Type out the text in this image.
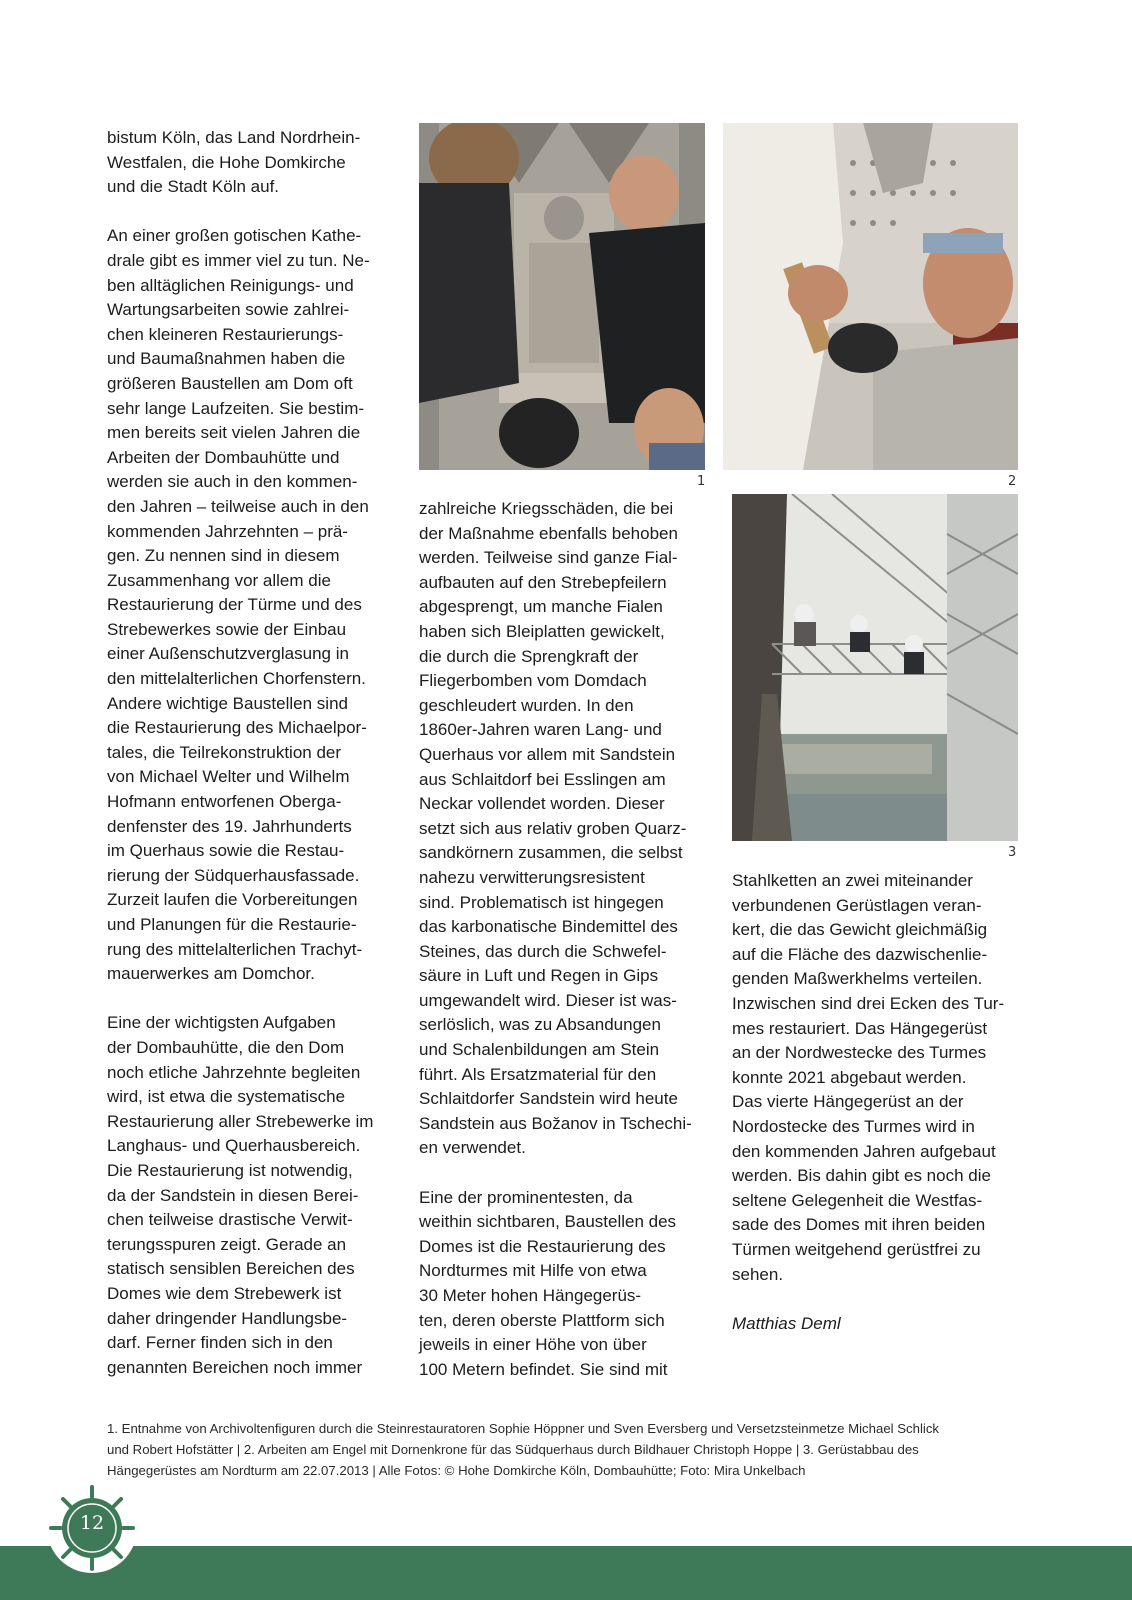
bistum Köln, das Land Nordrhein-
Westfalen, die Hohe Domkirche
und die Stadt Köln auf.

An einer großen gotischen Kathe-
drale gibt es immer viel zu tun. Ne-
ben alltäglichen Reinigungs- und
Wartungsarbeiten sowie zahlrei-
chen kleineren Restaurierungs-
und Baumaßnahmen haben die
größeren Baustellen am Dom oft
sehr lange Laufzeiten. Sie bestim-
men bereits seit vielen Jahren die
Arbeiten der Dombauhütte und
werden sie auch in den kommen-
den Jahren – teilweise auch in den
kommenden Jahrzehnten – prä-
gen. Zu nennen sind in diesem
Zusammenhang vor allem die
Restaurierung der Türme und des
Strebewerkes sowie der Einbau
einer Außenschutzverglasung in
den mittelalterlichen Chorfenstern.
Andere wichtige Baustellen sind
die Restaurierung des Michaelpor-
tales, die Teilrekonstruktion der
von Michael Welter und Wilhelm
Hofmann entworfenen Oberga-
denfenster des 19. Jahrhunderts
im Querhaus sowie die Restau-
rierung der Südquerhausfassade.
Zurzeit laufen die Vorbereitungen
und Planungen für die Restaurie-
rung des mittelalterlichen Trachyt-
mauerwerkes am Domchor.

Eine der wichtigsten Aufgaben
der Dombauhütte, die den Dom
noch etliche Jahrzehnte begleiten
wird, ist etwa die systematische
Restaurierung aller Strebewerke im
Langhaus- und Querhausbereich.
Die Restaurierung ist notwendig,
da der Sandstein in diesen Berei-
chen teilweise drastische Verwit-
terungsspuren zeigt. Gerade an
statisch sensiblen Bereichen des
Domes wie dem Strebewerk ist
daher dringender Handlungsbe-
darf. Ferner finden sich in den
genannten Bereichen noch immer

1	2

zahlreiche Kriegsschäden, die bei
der Maßnahme ebenfalls behoben
werden. Teilweise sind ganze Fial-
aufbauten auf den Strebepfeilern
abgesprengt, um manche Fialen
haben sich Bleiplatten gewickelt,
die durch die Sprengkraft der
Fliegerbomben vom Domdach
geschleudert wurden. In den
1860er-Jahren waren Lang- und
Querhaus vor allem mit Sandstein
aus Schlaitdorf bei Esslingen am
Neckar vollendet worden. Dieser
setzt sich aus relativ groben Quarz-
sandkörnern zusammen, die selbst
nahezu verwitterungsresistent
sind. Problematisch ist hingegen
das karbonatische Bindemittel des
Steines, das durch die Schwefel-
säure in Luft und Regen in Gips
umgewandelt wird. Dieser ist was-
serlöslich, was zu Absandungen
und Schalenbildungen am Stein
führt. Als Ersatzmaterial für den
Schlaitdorfer Sandstein wird heute
Sandstein aus Božanov in Tschechi-
en verwendet.

Eine der prominentesten, da
weithin sichtbaren, Baustellen des
Domes ist die Restaurierung des
Nordturmes mit Hilfe von etwa
30 Meter hohen Hängegerüs-
ten, deren oberste Plattform sich
jeweils in einer Höhe von über
100 Metern befindet. Sie sind mit

3

Stahlketten an zwei miteinander
verbundenen Gerüstlagen veran-
kert, die das Gewicht gleichmäßig
auf die Fläche des dazwischenlie-
genden Maßwerkhelms verteilen.
Inzwischen sind drei Ecken des Tur-
mes restauriert. Das Hängegerüst
an der Nordwestecke des Turmes
konnte 2021 abgebaut werden.
Das vierte Hängegerüst an der
Nordostecke des Turmes wird in
den kommenden Jahren aufgebaut
werden. Bis dahin gibt es noch die
seltene Gelegenheit die Westfas-
sade des Domes mit ihren beiden
Türmen weitgehend gerüstfrei zu
sehen.

Matthias Deml

1. Entnahme von Archivoltenfiguren durch die Steinrestauratoren Sophie Höppner und Sven Eversberg und Versetzsteinmetze Michael Schlick
und Robert Hofstätter | 2. Arbeiten am Engel mit Dornenkrone für das Südquerhaus durch Bildhauer Christoph Hoppe | 3. Gerüstabbau des
Hängegerüstes am Nordturm am 22.07.2013 | Alle Fotos: © Hohe Domkirche Köln, Dombauhütte; Foto: Mira Unkelbach
12
